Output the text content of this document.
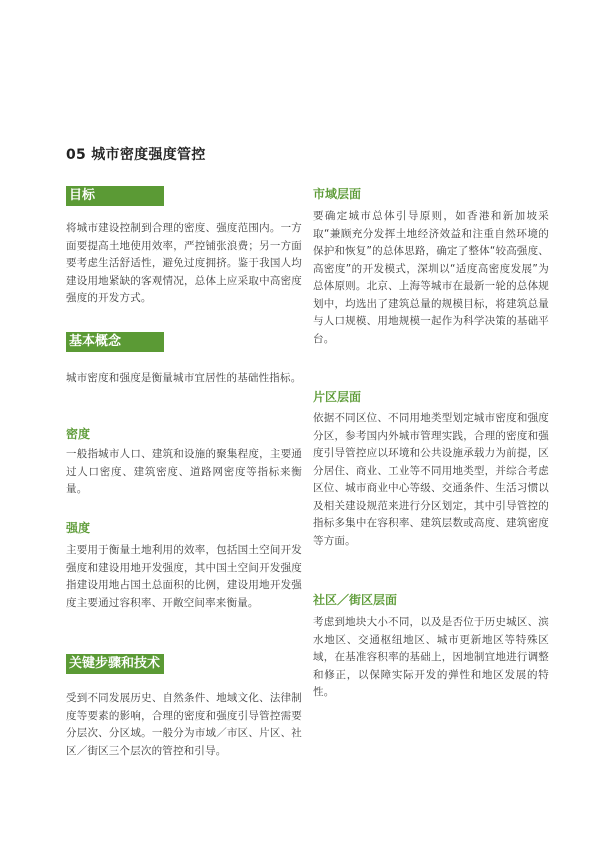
05 城市密度强度管控
目标
将城市建设控制到合理的密度、强度范围内。一方面要提高土地使用效率，严控铺张浪费；另一方面要考虑生活舒适性，避免过度拥挤。鉴于我国人均建设用地紧缺的客观情况，总体上应采取中高密度强度的开发方式。
基本概念
城市密度和强度是衡量城市宜居性的基础性指标。
密度
一般指城市人口、建筑和设施的聚集程度，主要通过人口密度、建筑密度、道路网密度等指标来衡量。
强度
主要用于衡量土地利用的效率，包括国土空间开发强度和建设用地开发强度，其中国土空间开发强度指建设用地占国土总面积的比例，建设用地开发强度主要通过容积率、开敞空间率来衡量。
关键步骤和技术
受到不同发展历史、自然条件、地域文化、法律制度等要素的影响，合理的密度和强度引导管控需要分层次、分区域。一般分为市域／市区、片区、社区／街区三个层次的管控和引导。
市域层面
要确定城市总体引导原则，如香港和新加坡采取“兼顾充分发挥土地经济效益和注重自然环境的保护和恢复”的总体思路，确定了整体“较高强度、高密度”的开发模式，深圳以“适度高密度发展”为总体原则。北京、上海等城市在最新一轮的总体规划中，均选出了建筑总量的规模目标，将建筑总量与人口规模、用地规模一起作为科学决策的基础平台。
片区层面
依据不同区位、不同用地类型划定城市密度和强度分区，参考国内外城市管理实践，合理的密度和强度引导管控应以环境和公共设施承载力为前提，区分居住、商业、工业等不同用地类型，并综合考虑区位、城市商业中心等级、交通条件、生活习惯以及相关建设规范来进行分区划定，其中引导管控的指标多集中在容积率、建筑层数或高度、建筑密度等方面。
社区／街区层面
考虑到地块大小不同，以及是否位于历史城区、滨水地区、交通枢纽地区、城市更新地区等特殊区域，在基准容积率的基础上，因地制宜地进行调整和修正，以保障实际开发的弹性和地区发展的特性。
